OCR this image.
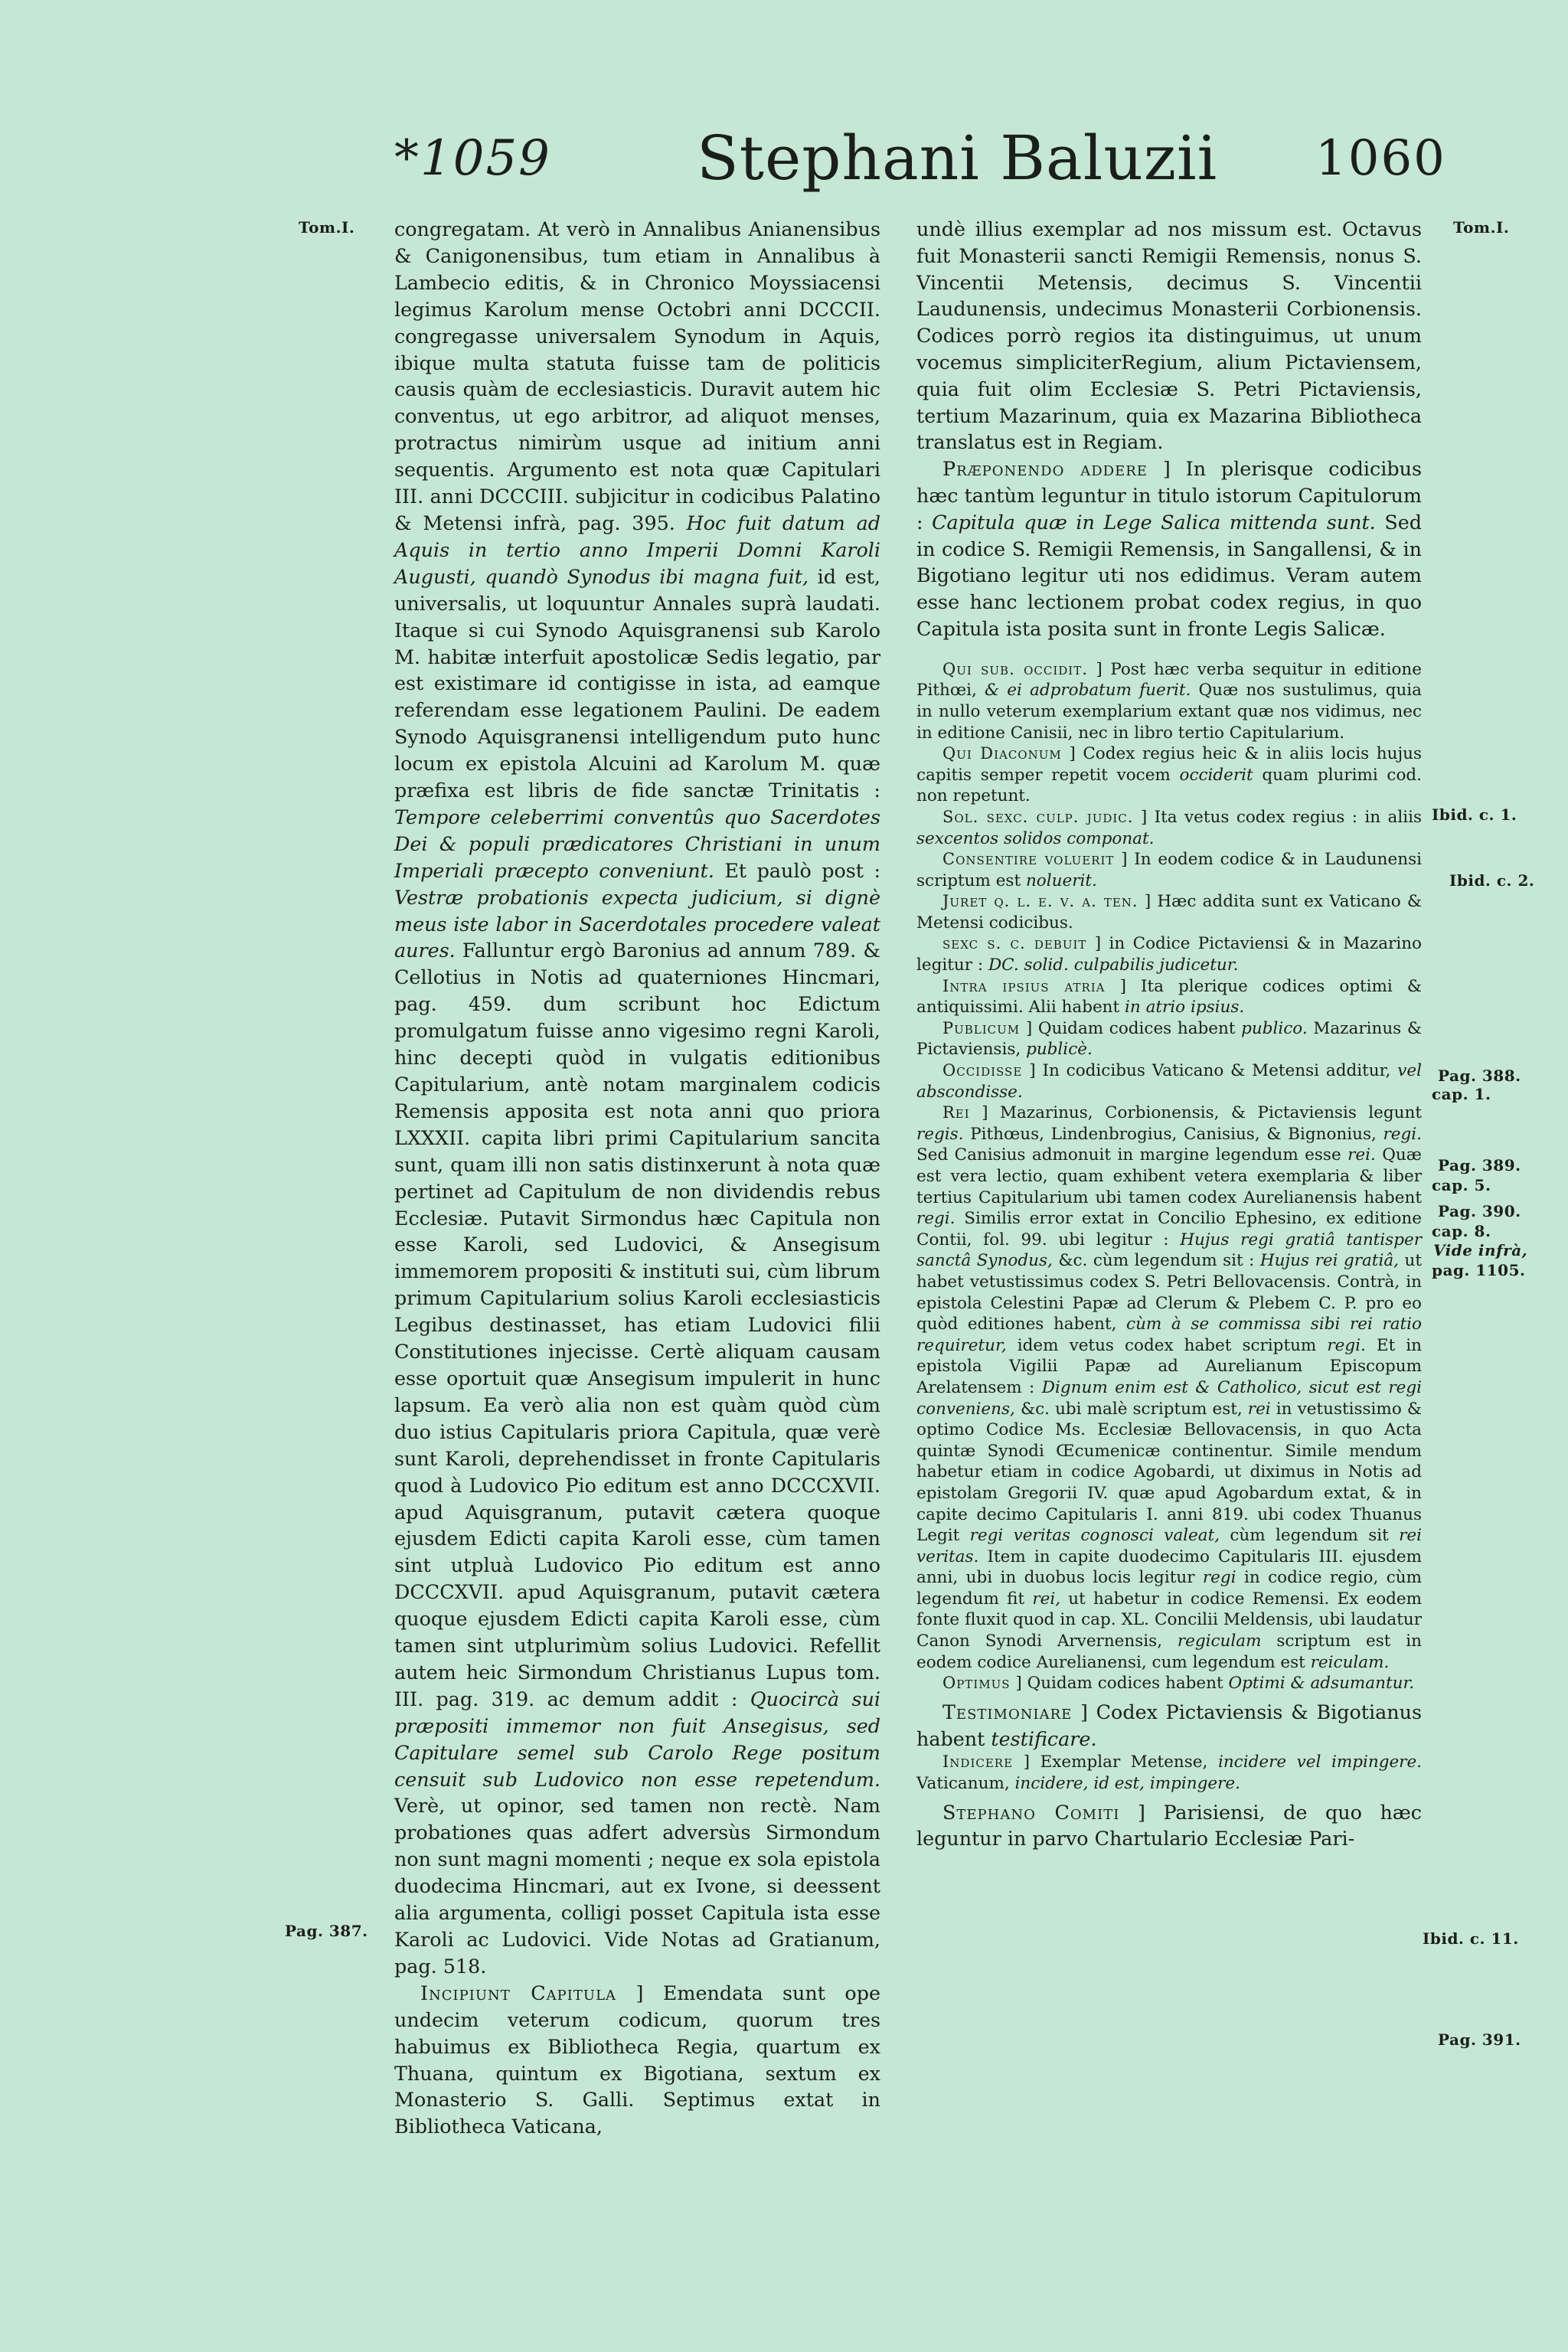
*1059 Stephani Baluzii 1060
Tom.I.	Tom.I.
Pag. 387.
Ibid. c. 1.
Ibid. c. 2.
Pag. 388.
cap. 1.
Pag. 389.
cap. 5.
Pag. 390.
cap. 8.
Vide infrà,
pag. 1105.
Ibid. c. 11.
Pag. 391.

congregatam. At verò in Annalibus Anianensibus & Canigonensibus, tum etiam in Annalibus à Lambecio editis, & in Chronico Moyssiacensi legimus Karolum mense Octobri anni DCCCII. congregasse universalem Synodum in Aquis, ibique multa statuta fuisse tam de politicis causis quàm de ecclesiasticis. Duravit autem hic conventus, ut ego arbitror, ad aliquot menses, protractus nimirùm usque ad initium anni sequentis. Argumento est nota quæ Capitulari III. anni DCCCIII. subjicitur in codicibus Palatino & Metensi infrà, pag. 395. Hoc fuit datum ad Aquis in tertio anno Imperii Domni Karoli Augusti, quandò Synodus ibi magna fuit, id est, universalis, ut loquuntur Annales suprà laudati. Itaque si cui Synodo Aquisgranensi sub Karolo M. habitæ interfuit apostolicæ Sedis legatio, par est existimare id contigisse in ista, ad eamque referendam esse legationem Paulini. De eadem Synodo Aquisgranensi intelligendum puto hunc locum ex epistola Alcuini ad Karolum M. quæ præfixa est libris de fide sanctæ Trinitatis : Tempore celeberrimi conventûs quo Sacerdotes Dei & populi prædicatores Christiani in unum Imperiali præcepto conveniunt. Et paulò post : Vestræ probationis expecta judicium, si dignè meus iste labor in Sacerdotales procedere valeat aures. Falluntur ergò Baronius ad annum 789. & Cellotius in Notis ad quaterniones Hincmari, pag. 459. dum scribunt hoc Edictum promulgatum fuisse anno vigesimo regni Karoli, hinc decepti quòd in vulgatis editionibus Capitularium, antè notam marginalem codicis Remensis apposita est nota anni quo priora LXXXII. capita libri primi Capitularium sancita sunt, quam illi non satis distinxerunt à nota quæ pertinet ad Capitulum de non dividendis rebus Ecclesiæ. Putavit Sirmondus hæc Capitula non esse Karoli, sed Ludovici, & Ansegisum immemorem propositi & instituti sui, cùm librum primum Capitularium solius Karoli ecclesiasticis Legibus destinasset, has etiam Ludovici filii Constitutiones injecisse. Certè aliquam causam esse oportuit quæ Ansegisum impulerit in hunc lapsum. Ea verò alia non est quàm quòd cùm duo istius Capitularis priora Capitula, quæ verè sunt Karoli, deprehendisset in fronte Capitularis quod à Ludovico Pio editum est anno DCCCXVII. apud Aquisgranum, putavit cætera quoque ejusdem Edicti capita Karoli esse, cùm tamen sint utpluà Ludovico Pio editum est anno DCCCXVII. apud Aquisgranum, putavit cætera quoque ejusdem Edicti capita Karoli esse, cùm tamen sint utplurimùm solius Ludovici. Refellit autem heic Sirmondum Christianus Lupus tom. III. pag. 319. ac demum addit : Quocircà sui præpositi immemor non fuit Ansegisus, sed Capitulare semel sub Carolo Rege positum censuit sub Ludovico non esse repetendum. Verè, ut opinor, sed tamen non rectè. Nam probationes quas adfert adversùs Sirmondum non sunt magni momenti ; neque ex sola epistola duodecima Hincmari, aut ex Ivone, si deessent alia argumenta, colligi posset Capitula ista esse Karoli ac Ludovici. Vide Notas ad Gratianum, pag. 518.

Incipiunt Capitula ] Emendata sunt ope undecim veterum codicum, quorum tres habuimus ex Bibliotheca Regia, quartum ex Thuana, quintum ex Bigotiana, sextum ex Monasterio S. Galli. Septimus extat in Bibliotheca Vaticana,

undè illius exemplar ad nos missum est. Octavus fuit Monasterii sancti Remigii Remensis, nonus S. Vincentii Metensis, decimus S. Vincentii Laudunensis, undecimus Monasterii Corbionensis. Codices porrò regios ita distinguimus, ut unum vocemus simpliciterRegium, alium Pictaviensem, quia fuit olim Ecclesiæ S. Petri Pictaviensis, tertium Mazarinum, quia ex Mazarina Bibliotheca translatus est in Regiam.

Præponendo addere ] In plerisque codicibus hæc tantùm leguntur in titulo istorum Capitulorum : Capitula quæ in Lege Salica mittenda sunt. Sed in codice S. Remigii Remensis, in Sangallensi, & in Bigotiano legitur uti nos edidimus. Veram autem esse hanc lectionem probat codex regius, in quo Capitula ista posita sunt in fronte Legis Salicæ.

Qui sub. occidit. ] Post hæc verba sequitur in editione Pithœi, & ei adprobatum fuerit. Quæ nos sustulimus, quia in nullo veterum exemplarium extant quæ nos vidimus, nec in editione Canisii, nec in libro tertio Capitularium.

Qui Diaconum ] Codex regius heic & in aliis locis hujus capitis semper repetit vocem occiderit quam plurimi cod. non repetunt.

Sol. sexc. culp. judic. ] Ita vetus codex regius : in aliis sexcentos solidos componat.

Consentire voluerit ] In eodem codice & in Laudunensi scriptum est noluerit.

Juret q. l. e. v. a. ten. ] Hæc addita sunt ex Vaticano & Metensi codicibus.

sexc s. c. debuit ] in Codice Pictaviensi & in Mazarino legitur : DC. solid. culpabilis judicetur.

Intra ipsius atria ] Ita plerique codices optimi & antiquissimi. Alii habent in atrio ipsius.

Publicum ] Quidam codices habent publico. Mazarinus & Pictaviensis, publicè.

Occidisse ] In codicibus Vaticano & Metensi additur, vel abscondisse.

Rei ] Mazarinus, Corbionensis, & Pictaviensis legunt regis. Pithœus, Lindenbrogius, Canisius, & Bignonius, regi. Sed Canisius admonuit in margine legendum esse rei. Quæ est vera lectio, quam exhibent vetera exemplaria & liber tertius Capitularium ubi tamen codex Aurelianensis habent regi. Similis error extat in Concilio Ephesino, ex editione Contii, fol. 99. ubi legitur : Hujus regi gratiâ tantisper sanctâ Synodus, &c. cùm legendum sit : Hujus rei gratiâ, ut habet vetustissimus codex S. Petri Bellovacensis. Contrà, in epistola Celestini Papæ ad Clerum & Plebem C. P. pro eo quòd editiones habent, cùm à se commissa sibi rei ratio requiretur, idem vetus codex habet scriptum regi. Et in epistola Vigilii Papæ ad Aurelianum Episcopum Arelatensem : Dignum enim est & Catholico, sicut est regi conveniens, &c. ubi malè scriptum est, rei in vetustissimo & optimo Codice Ms. Ecclesiæ Bellovacensis, in quo Acta quintæ Synodi Œcumenicæ continentur. Simile mendum habetur etiam in codice Agobardi, ut diximus in Notis ad epistolam Gregorii IV. quæ apud Agobardum extat, & in capite decimo Capitularis I. anni 819. ubi codex Thuanus Legit regi veritas cognosci valeat, cùm legendum sit rei veritas. Item in capite duodecimo Capitularis III. ejusdem anni, ubi in duobus locis legitur regi in codice regio, cùm legendum fit rei, ut habetur in codice Remensi. Ex eodem fonte fluxit quod in cap. XL. Concilii Meldensis, ubi laudatur Canon Synodi Arvernensis, regiculam scriptum est in eodem codice Aurelianensi, cum legendum est reiculam.

Optimus ] Quidam codices habent Optimi & adsumantur.

Testimoniare ] Codex Pictaviensis & Bigotianus habent testificare.

Indicere ] Exemplar Metense, incidere vel impingere. Vaticanum, incidere, id est, impingere.

Stephano Comiti ] Parisiensi, de quo hæc leguntur in parvo Chartulario Ecclesiæ Pari-
